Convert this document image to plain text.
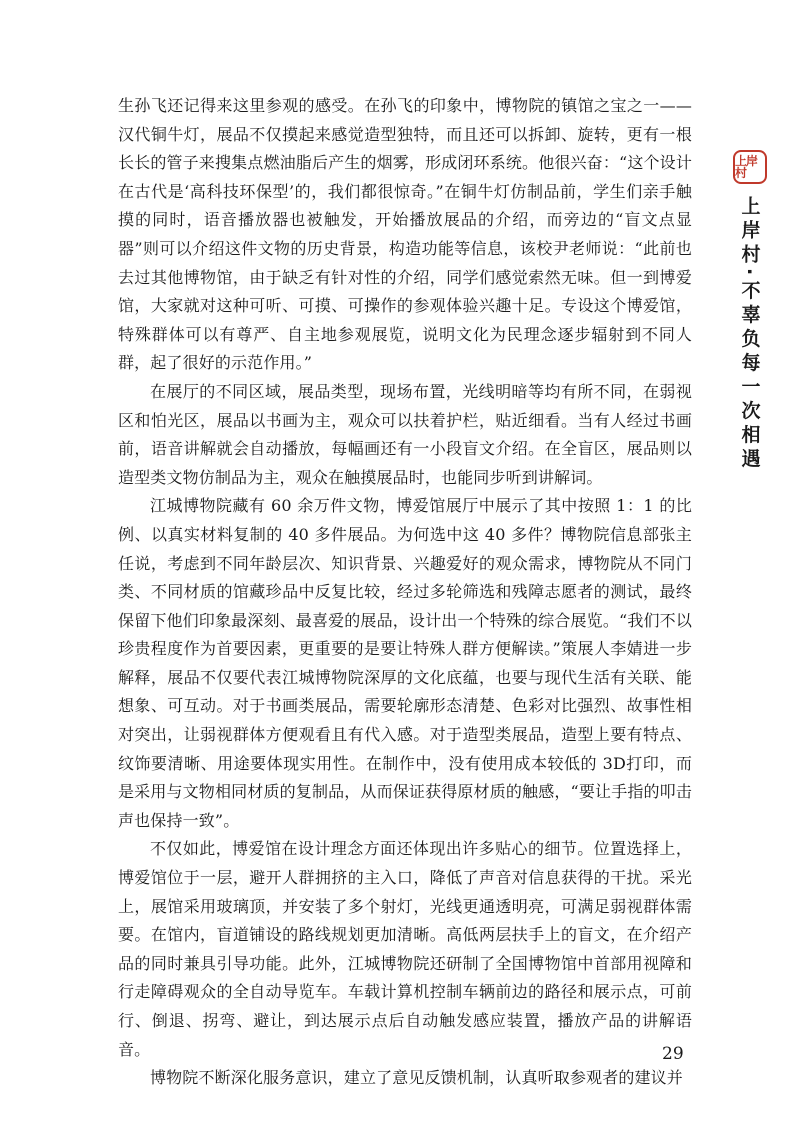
生孙飞还记得来这里参观的感受。在孙飞的印象中，博物院的镇馆之宝之一——汉代铜牛灯，展品不仅摸起来感觉造型独特，而且还可以拆卸、旋转，更有一根长长的管子来搜集点燃油脂后产生的烟雾，形成闭环系统。他很兴奋：“这个设计在古代是‘高科技环保型’的，我们都很惊奇。”在铜牛灯仿制品前，学生们亲手触摸的同时，语音播放器也被触发，开始播放展品的介绍，而旁边的“盲文点显器”则可以介绍这件文物的历史背景，构造功能等信息，该校尹老师说：“此前也去过其他博物馆，由于缺乏有针对性的介绍，同学们感觉索然无味。但一到博爱馆，大家就对这种可听、可摸、可操作的参观体验兴趣十足。专设这个博爱馆，特殊群体可以有尊严、自主地参观展览，说明文化为民理念逐步辐射到不同人群，起了很好的示范作用。”

在展厅的不同区域，展品类型，现场布置，光线明暗等均有所不同，在弱视区和怕光区，展品以书画为主，观众可以扶着护栏，贴近细看。当有人经过书画前，语音讲解就会自动播放，每幅画还有一小段盲文介绍。在全盲区，展品则以造型类文物仿制品为主，观众在触摸展品时，也能同步听到讲解词。

江城博物院藏有 60 余万件文物，博爱馆展厅中展示了其中按照 1：1 的比例、以真实材料复制的 40 多件展品。为何选中这 40 多件？博物院信息部张主任说，考虑到不同年龄层次、知识背景、兴趣爱好的观众需求，博物院从不同门类、不同材质的馆藏珍品中反复比较，经过多轮筛选和残障志愿者的测试，最终保留下他们印象最深刻、最喜爱的展品，设计出一个特殊的综合展览。“我们不以珍贵程度作为首要因素，更重要的是要让特殊人群方便解读。”策展人李婧进一步解释，展品不仅要代表江城博物院深厚的文化底蕴，也要与现代生活有关联、能想象、可互动。对于书画类展品，需要轮廓形态清楚、色彩对比强烈、故事性相对突出，让弱视群体方便观看且有代入感。对于造型类展品，造型上要有特点、纹饰要清晰、用途要体现实用性。在制作中，没有使用成本较低的 3D打印，而是采用与文物相同材质的复制品，从而保证获得原材质的触感，“要让手指的叩击声也保持一致”。

不仅如此，博爱馆在设计理念方面还体现出许多贴心的细节。位置选择上，博爱馆位于一层，避开人群拥挤的主入口，降低了声音对信息获得的干扰。采光上，展馆采用玻璃顶，并安装了多个射灯，光线更通透明亮，可满足弱视群体需要。在馆内，盲道铺设的路线规划更加清晰。高低两层扶手上的盲文，在介绍产品的同时兼具引导功能。此外，江城博物院还研制了全国博物馆中首部用视障和行走障碍观众的全自动导览车。车载计算机控制车辆前边的路径和展示点，可前行、倒退、拐弯、避让，到达展示点后自动触发感应装置，播放产品的讲解语音。

博物院不断深化服务意识，建立了意见反馈机制，认真听取参观者的建议并

上岸村
上岸村·不辜负每一次相遇
29
